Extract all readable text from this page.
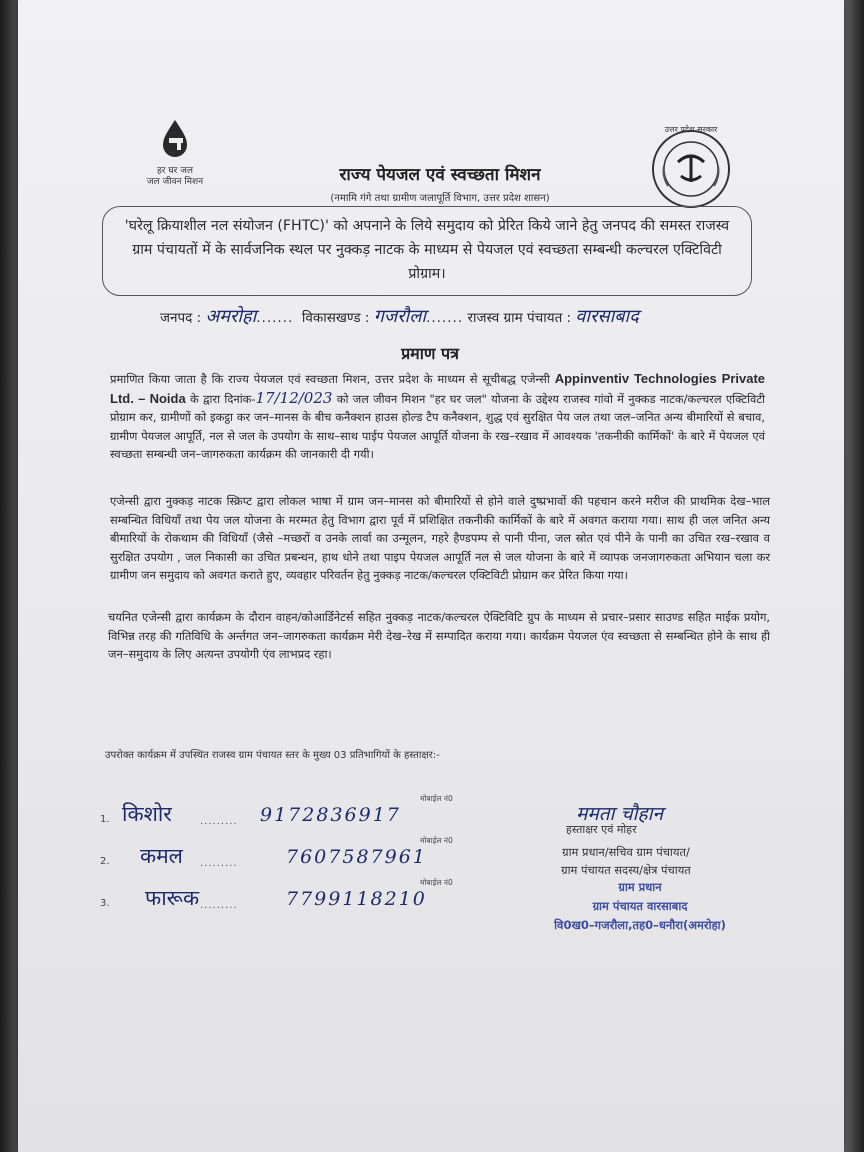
हर घर जल
जल जीवन मिशन
उत्तर प्रदेश सरकार
राज्य पेयजल एवं स्वच्छता मिशन
(नमामि गंगे तथा ग्रामीण जलापूर्ति विभाग, उत्तर प्रदेश शासन)
'घरेलू क्रियाशील नल संयोजन (FHTC)' को अपनाने के लिये समुदाय को प्रेरित किये जाने हेतु जनपद की समस्त राजस्व ग्राम पंचायतों में के सार्वजनिक स्थल पर नुक्कड़ नाटक के माध्यम से पेयजल एवं स्वच्छता सम्बन्धी कल्चरल एक्टिविटी प्रोग्राम।
जनपद : अमरोहा....... विकासखण्ड : गजरौला....... राजस्व ग्राम पंचायत : वारसाबाद
प्रमाण पत्र
प्रमाणित किया जाता है कि राज्य पेयजल एवं स्वच्छता मिशन, उत्तर प्रदेश के माध्यम से सूचीबद्ध एजेन्सी Appinventiv Technologies Private Ltd. – Noida के द्वारा दिनांक-17/12/023 को जल जीवन मिशन "हर घर जल" योजना के उद्देश्य राजस्व गांवो में नुक्कड नाटक/कल्चरल एक्टिविटी प्रोग्राम कर, ग्रामीणों को इकट्ठा कर जन–मानस के बीच कनैक्शन हाउस होल्ड टैप कनैक्शन, शुद्ध एवं सुरक्षित पेय जल तथा जल–जनित अन्य बीमारियों से बचाव, ग्रामीण पेयजल आपूर्ति, नल से जल के उपयोग के साथ–साथ पाईप पेयजल आपूर्ति योजना के रख–रखाव में आवश्यक 'तकनीकी कार्मिकों' के बारे में पेयजल एवं स्वच्छता सम्बन्धी जन–जागरुकता कार्यक्रम की जानकारी दी गयी।
एजेन्सी द्वारा नुक्कड़ नाटक स्क्रिप्ट द्वारा लोकल भाषा में ग्राम जन–मानस को बीमारियों से होने वाले दुष्प्रभावों की पहचान करने मरीज की प्राथमिक देख–भाल सम्बन्धित विधियाँ तथा पेय जल योजना के मरम्मत हेतु विभाग द्वारा पूर्व में प्रशिक्षित तकनीकी कार्मिकों के बारे में अवगत कराया गया। साथ ही जल जनित अन्य बीमारियों के रोकथाम की विधियाँ (जैसे –मच्छरों व उनके लार्वा का उन्मूलन, गहरे हैण्डपम्प से पानी पीना, जल स्रोत एवं पीने के पानी का उचित रख–रखाव व सुरक्षित उपयोग , जल निकासी का उचित प्रबन्धन, हाथ धोने तथा पाइप पेयजल आपूर्ति नल से जल योजना के बारे में व्यापक जनजागरुकता अभियान चला कर ग्रामीण जन समुदाय को अवगत कराते हुए, व्यवहार परिवर्तन हेतु नुक्कड़ नाटक/कल्चरल एक्टिविटी प्रोग्राम कर प्रेरित किया गया।
चयनित एजेन्सी द्वारा कार्यक्रम के दौरान वाहन/कोआर्डिनेटर्स सहित नुक्कड़ नाटक/कल्चरल ऐक्टिविटि ग्रुप के माध्यम से प्रचार–प्रसार साउण्ड सहित माईक प्रयोग, विभिन्न तरह की गतिविधि के अर्न्तगत जन–जागरुकता कार्यक्रम मेरी देख–रेख में सम्पादित कराया गया। कार्यक्रम पेयजल एंव स्वच्छता से सम्बन्धित होने के साथ ही जन–समुदाय के लिए अत्यन्त उपयोगी एंव लाभप्रद रहा।
उपरोक्त कार्यक्रम में उपस्थित राजस्व ग्राम पंचायत स्तर के मुख्य 03 प्रतिभागियों के हस्ताक्षर:-
1. किशोर	.........
मोबाईल नं0
9172836917
2. कमल .........
मोबाईल नं0
7607587961
3. फारूक .........
मोबाईल नं0
7799118210
ममता चौहान
हस्ताक्षर एवं मोहर
ग्राम प्रधान/सचिव ग्राम पंचायत/
ग्राम पंचायत सदस्य/क्षेत्र पंचायत
ग्राम प्रधान
ग्राम पंचायत वारसाबाद
वि0ख0–गजरौला,तह0–धनौरा(अमरोहा)
